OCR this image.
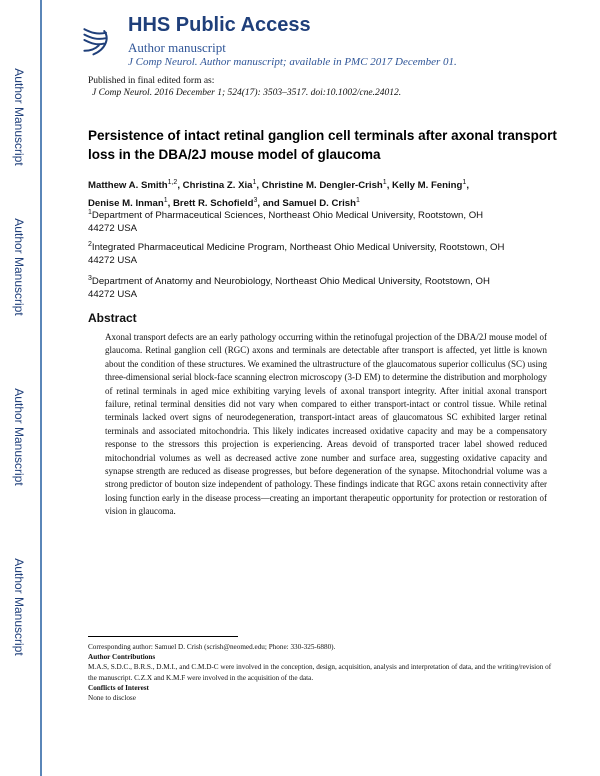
Author Manuscript
Author Manuscript
Author Manuscript
Author Manuscript
HHS Public Access
Author manuscript
J Comp Neurol. Author manuscript; available in PMC 2017 December 01.
Published in final edited form as:
J Comp Neurol. 2016 December 1; 524(17): 3503–3517. doi:10.1002/cne.24012.
Persistence of intact retinal ganglion cell terminals after axonal transport loss in the DBA/2J mouse model of glaucoma

Matthew A. Smith$^{1,2}$, Christina Z. Xia$^1$, Christine M. Dengler-Crish$^1$, Kelly M. Fening$^1$,
Denise M. Inman$^1$, Brett R. Schofield$^3$, and Samuel D. Crish$^1$

$^1$Department of Pharmaceutical Sciences, Northeast Ohio Medical University, Rootstown, OH 44272 USA

$^2$Integrated Pharmaceutical Medicine Program, Northeast Ohio Medical University, Rootstown, OH 44272 USA

$^3$Department of Anatomy and Neurobiology, Northeast Ohio Medical University, Rootstown, OH 44272 USA

Abstract

Axonal transport defects are an early pathology occurring within the retinofugal projection of the DBA/2J mouse model of glaucoma. Retinal ganglion cell (RGC) axons and terminals are detectable after transport is affected, yet little is known about the condition of these structures. We examined the ultrastructure of the glaucomatous superior colliculus (SC) using three-dimensional serial block-face scanning electron microscopy (3-D EM) to determine the distribution and morphology of retinal terminals in aged mice exhibiting varying levels of axonal transport integrity. After initial axonal transport failure, retinal terminal densities did not vary when compared to either transport-intact or control tissue. While retinal terminals lacked overt signs of neurodegeneration, transport-intact areas of glaucomatous SC exhibited larger retinal terminals and associated mitochondria. This likely indicates increased oxidative capacity and may be a compensatory response to the stressors this projection is experiencing. Areas devoid of transported tracer label showed reduced mitochondrial volumes as well as decreased active zone number and surface area, suggesting oxidative capacity and synapse strength are reduced as disease progresses, but before degeneration of the synapse. Mitochondrial volume was a strong predictor of bouton size independent of pathology. These findings indicate that RGC axons retain connectivity after losing function early in the disease process—creating an important therapeutic opportunity for protection or restoration of vision in glaucoma.

Corresponding author: Samuel D. Crish (scrish@neomed.edu; Phone: 330-325-6880).
Author Contributions
M.A.S, S.D.C., B.R.S., D.M.I., and C.M.D-C were involved in the conception, design, acquisition, analysis and interpretation of data, and the writing/revision of the manuscript. C.Z.X and K.M.F were involved in the acquisition of the data.
Conflicts of Interest
None to disclose
